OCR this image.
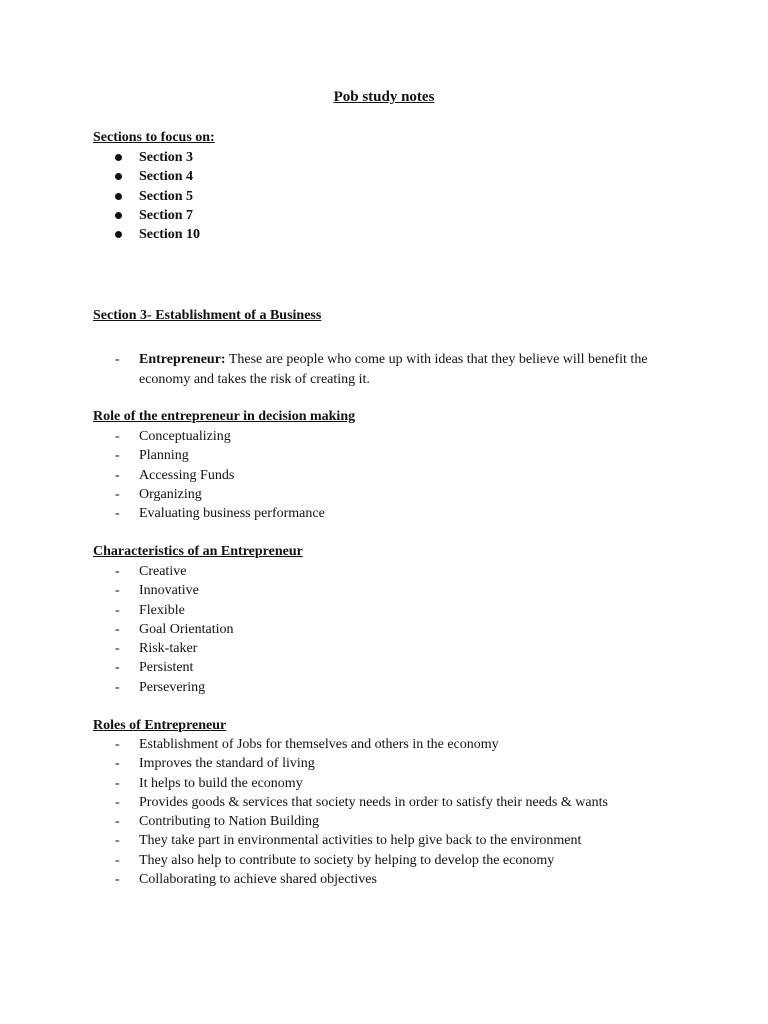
Pob study notes
Sections to focus on:
Section 3
Section 4
Section 5
Section 7
Section 10
Section 3- Establishment of a Business
- Entrepreneur: These are people who come up with ideas that they believe will benefit the economy and takes the risk of creating it.
Role of the entrepreneur in decision making
- Conceptualizing
- Planning
- Accessing Funds
- Organizing
- Evaluating business performance
Characteristics of an Entrepreneur
- Creative
- Innovative
- Flexible
- Goal Orientation
- Risk-taker
- Persistent
- Persevering
Roles of Entrepreneur
- Establishment of Jobs for themselves and others in the economy
- Improves the standard of living
- It helps to build the economy
- Provides goods & services that society needs in order to satisfy their needs & wants
- Contributing to Nation Building
- They take part in environmental activities to help give back to the environment
- They also help to contribute to society by helping to develop the economy
- Collaborating to achieve shared objectives
